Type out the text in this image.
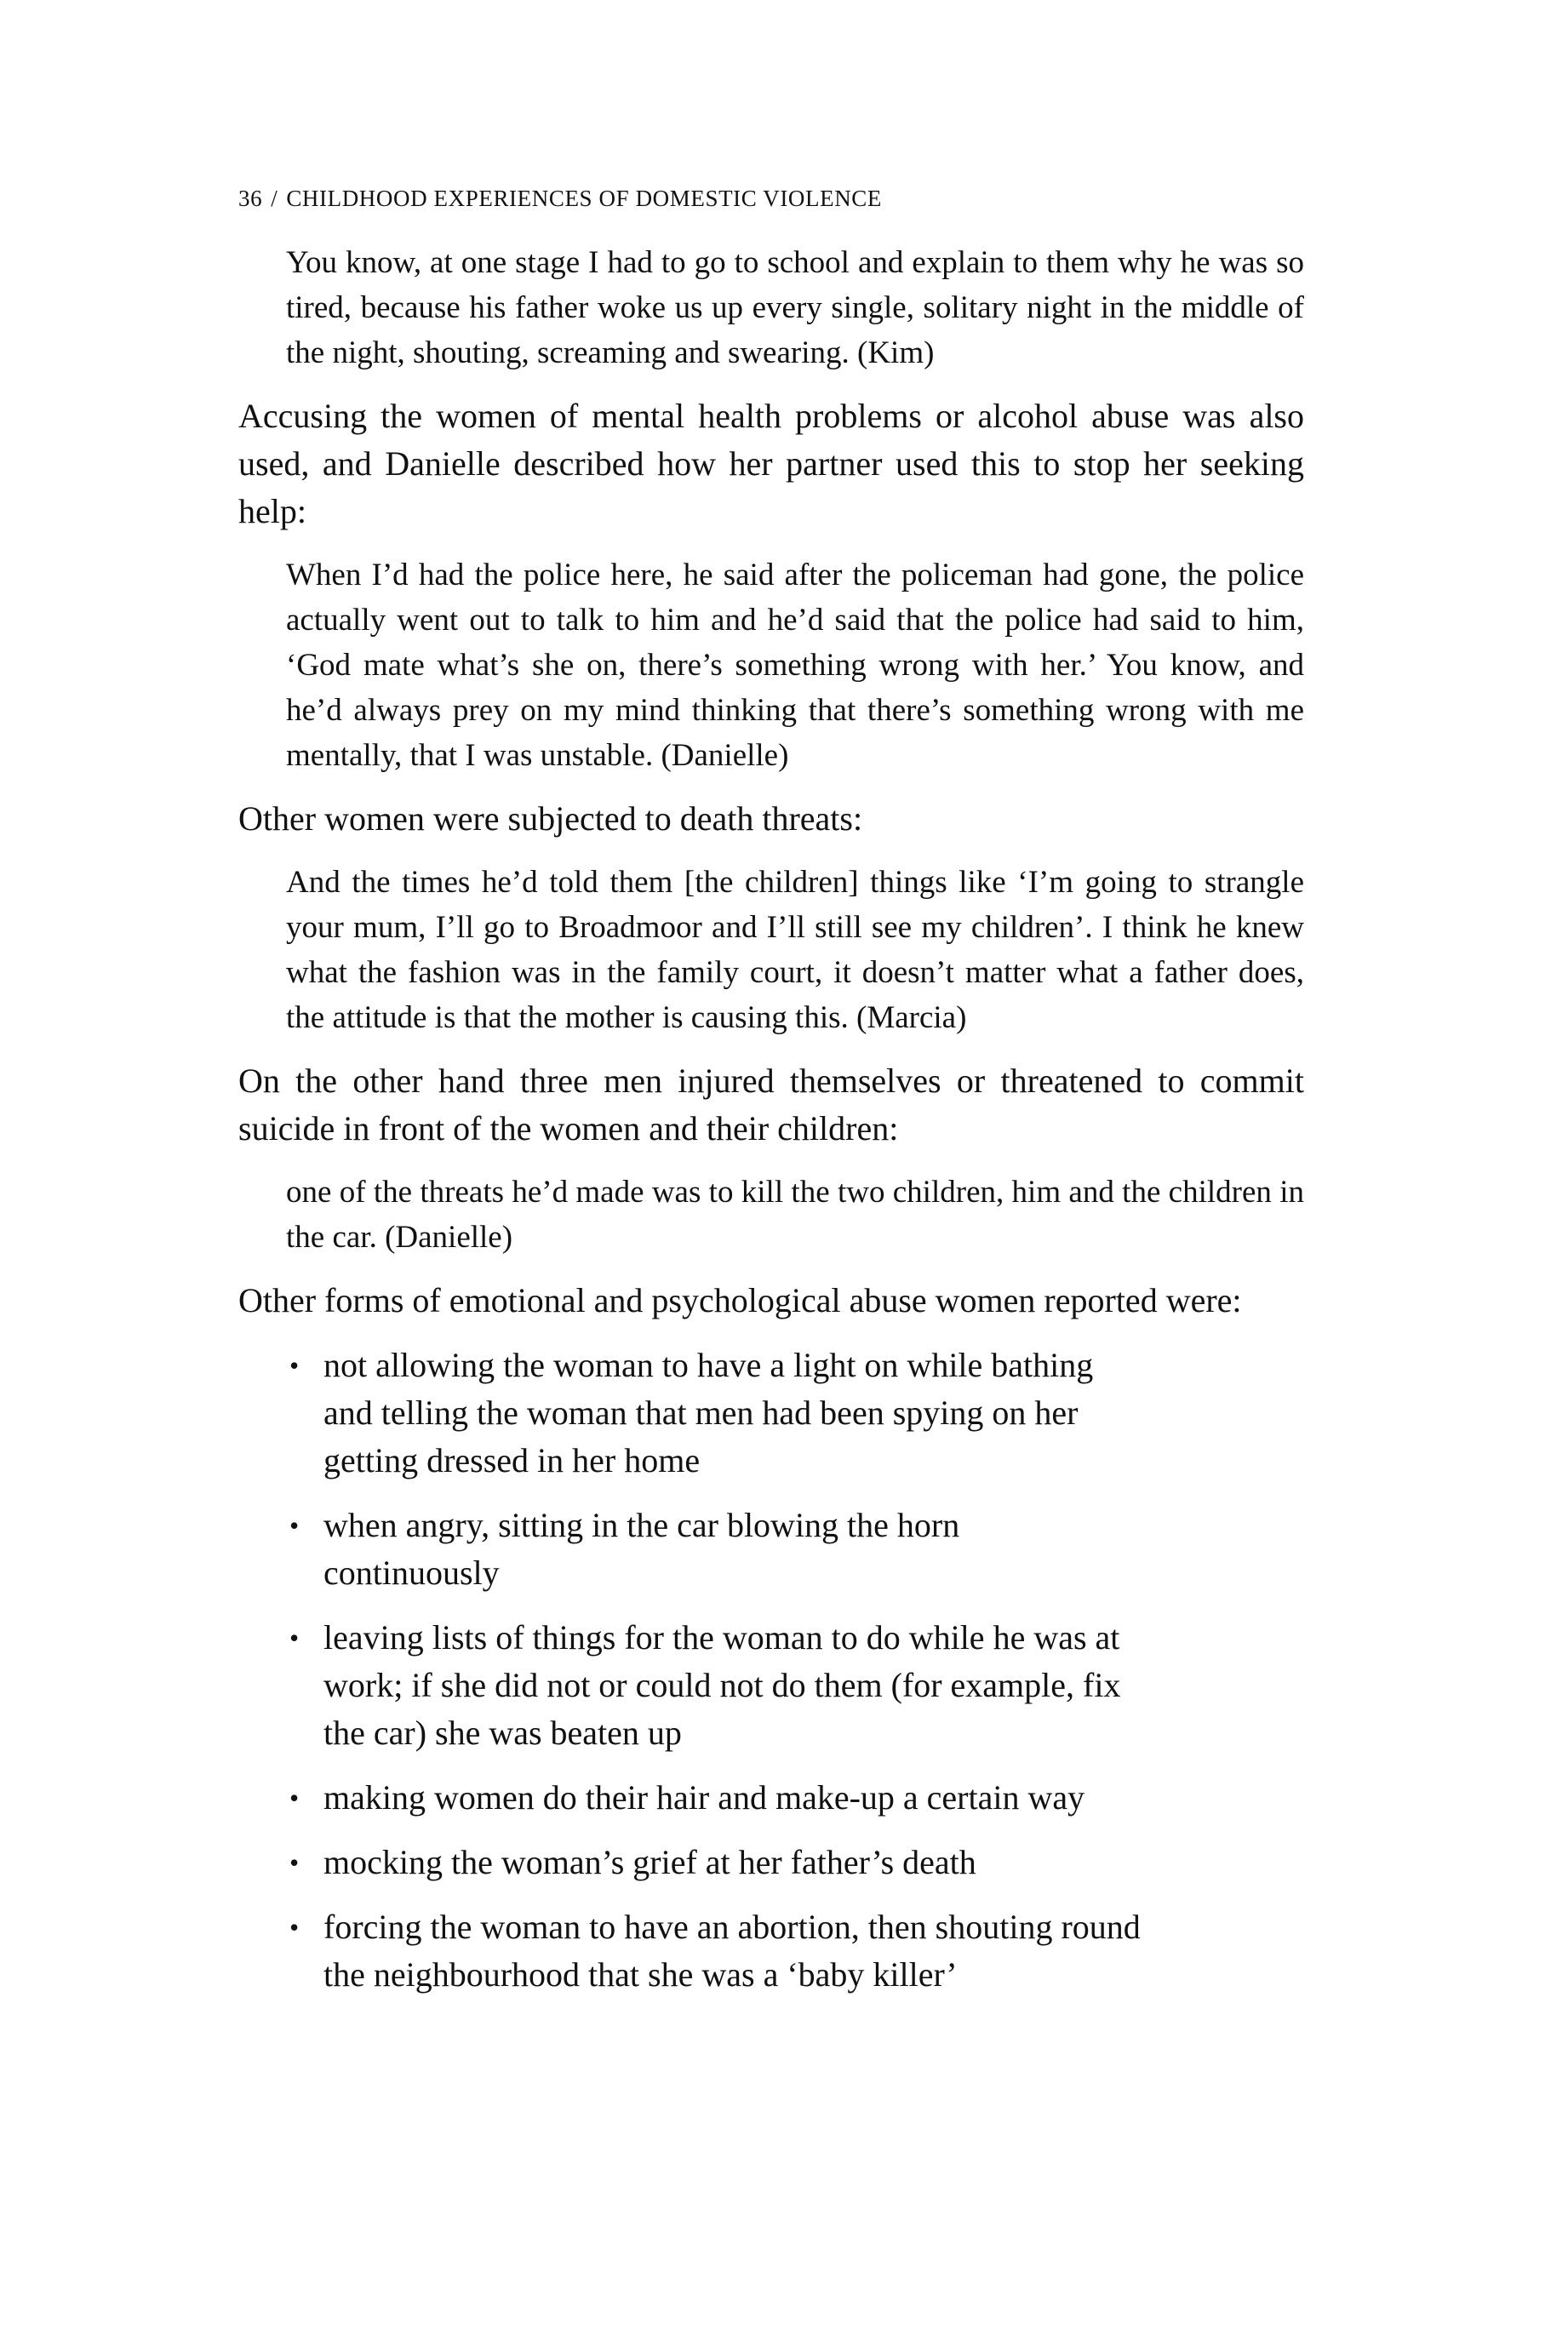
36 / CHILDHOOD EXPERIENCES OF DOMESTIC VIOLENCE

You know, at one stage I had to go to school and explain to them why he was so tired, because his father woke us up every single, solitary night in the middle of the night, shouting, screaming and swearing. (Kim)

Accusing the women of mental health problems or alcohol abuse was also used, and Danielle described how her partner used this to stop her seeking help:

When I’d had the police here, he said after the policeman had gone, the police actually went out to talk to him and he’d said that the police had said to him, ‘God mate what’s she on, there’s something wrong with her.’ You know, and he’d always prey on my mind thinking that there’s something wrong with me mentally, that I was unstable. (Danielle)

Other women were subjected to death threats:

And the times he’d told them [the children] things like ‘I’m going to strangle your mum, I’ll go to Broadmoor and I’ll still see my children’. I think he knew what the fashion was in the family court, it doesn’t matter what a father does, the attitude is that the mother is causing this. (Marcia)

On the other hand three men injured themselves or threatened to commit suicide in front of the women and their children:

one of the threats he’d made was to kill the two children, him and the children in the car. (Danielle)

Other forms of emotional and psychological abuse women reported were:

• not allowing the woman to have a light on while bathing and telling the woman that men had been spying on her getting dressed in her home
• when angry, sitting in the car blowing the horn continuously
• leaving lists of things for the woman to do while he was at work; if she did not or could not do them (for example, fix the car) she was beaten up
• making women do their hair and make-up a certain way
• mocking the woman’s grief at her father’s death
• forcing the woman to have an abortion, then shouting round the neighbourhood that she was a ‘baby killer’
